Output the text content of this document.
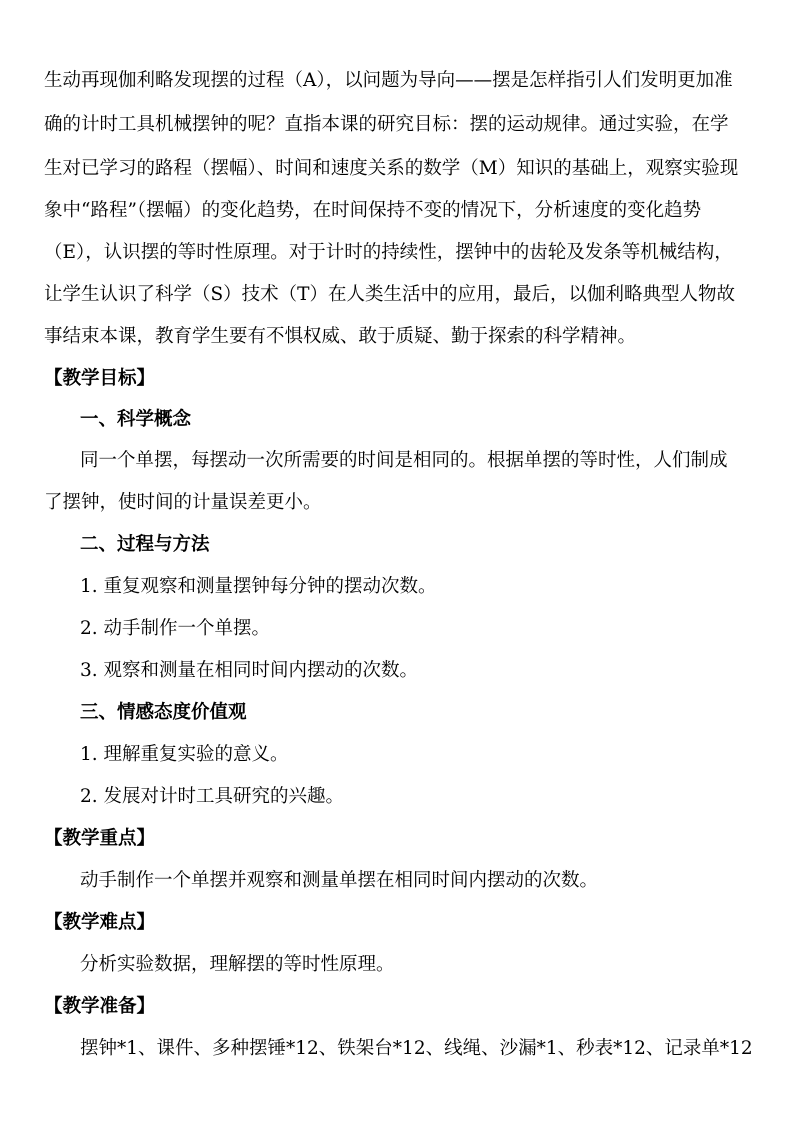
生动再现伽利略发现摆的过程（A），以问题为导向——摆是怎样指引人们发明更加准
确的计时工具机械摆钟的呢？直指本课的研究目标：摆的运动规律。通过实验，在学
生对已学习的路程（摆幅）、时间和速度关系的数学（M）知识的基础上，观察实验现
象中“路程”（摆幅）的变化趋势，在时间保持不变的情况下，分析速度的变化趋势
（E），认识摆的等时性原理。对于计时的持续性，摆钟中的齿轮及发条等机械结构，
让学生认识了科学（S）技术（T）在人类生活中的应用，最后，以伽利略典型人物故
事结束本课，教育学生要有不惧权威、敢于质疑、勤于探索的科学精神。
【教学目标】
一、科学概念
同一个单摆，每摆动一次所需要的时间是相同的。根据单摆的等时性，人们制成
了摆钟，使时间的计量误差更小。
二、过程与方法
1. 重复观察和测量摆钟每分钟的摆动次数。
2. 动手制作一个单摆。
3. 观察和测量在相同时间内摆动的次数。
三、情感态度价值观
1. 理解重复实验的意义。
2. 发展对计时工具研究的兴趣。
【教学重点】
动手制作一个单摆并观察和测量单摆在相同时间内摆动的次数。
【教学难点】
分析实验数据，理解摆的等时性原理。
【教学准备】
摆钟*1、课件、多种摆锤*12、铁架台*12、线绳、沙漏*1、秒表*12、记录单*12
